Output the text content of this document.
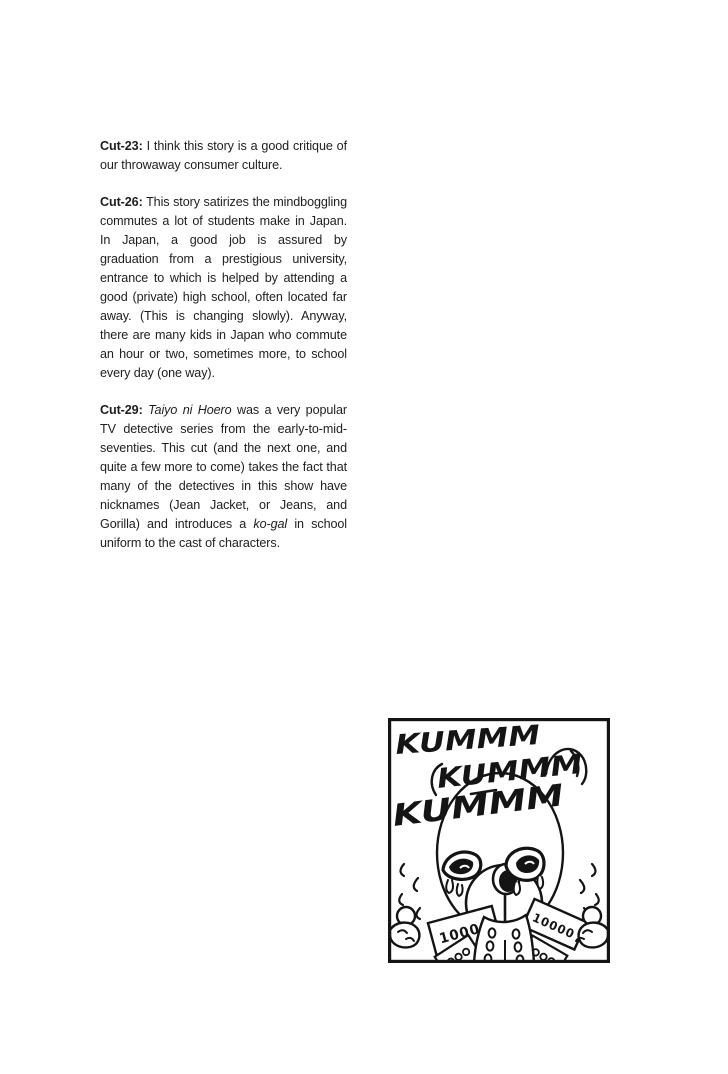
Cut-23: I think this story is a good critique of our throwaway consumer culture.

Cut-26: This story satirizes the mindboggling commutes a lot of students make in Japan. In Japan, a good job is assured by graduation from a prestigious university, entrance to which is helped by attending a good (private) high school, often located far away. (This is changing slowly). Anyway, there are many kids in Japan who commute an hour or two, sometimes more, to school every day (one way).

Cut-29: Taiyo ni Hoero was a very popular TV detective series from the early-to-mid-seventies. This cut (and the next one, and quite a few more to come) takes the fact that many of the detectives in this show have nicknames (Jean Jacket, or Jeans, and Gorilla) and introduces a ko-gal in school uniform to the cast of characters.

10000	10000
KUMMM
KUMMM
KUMMM
